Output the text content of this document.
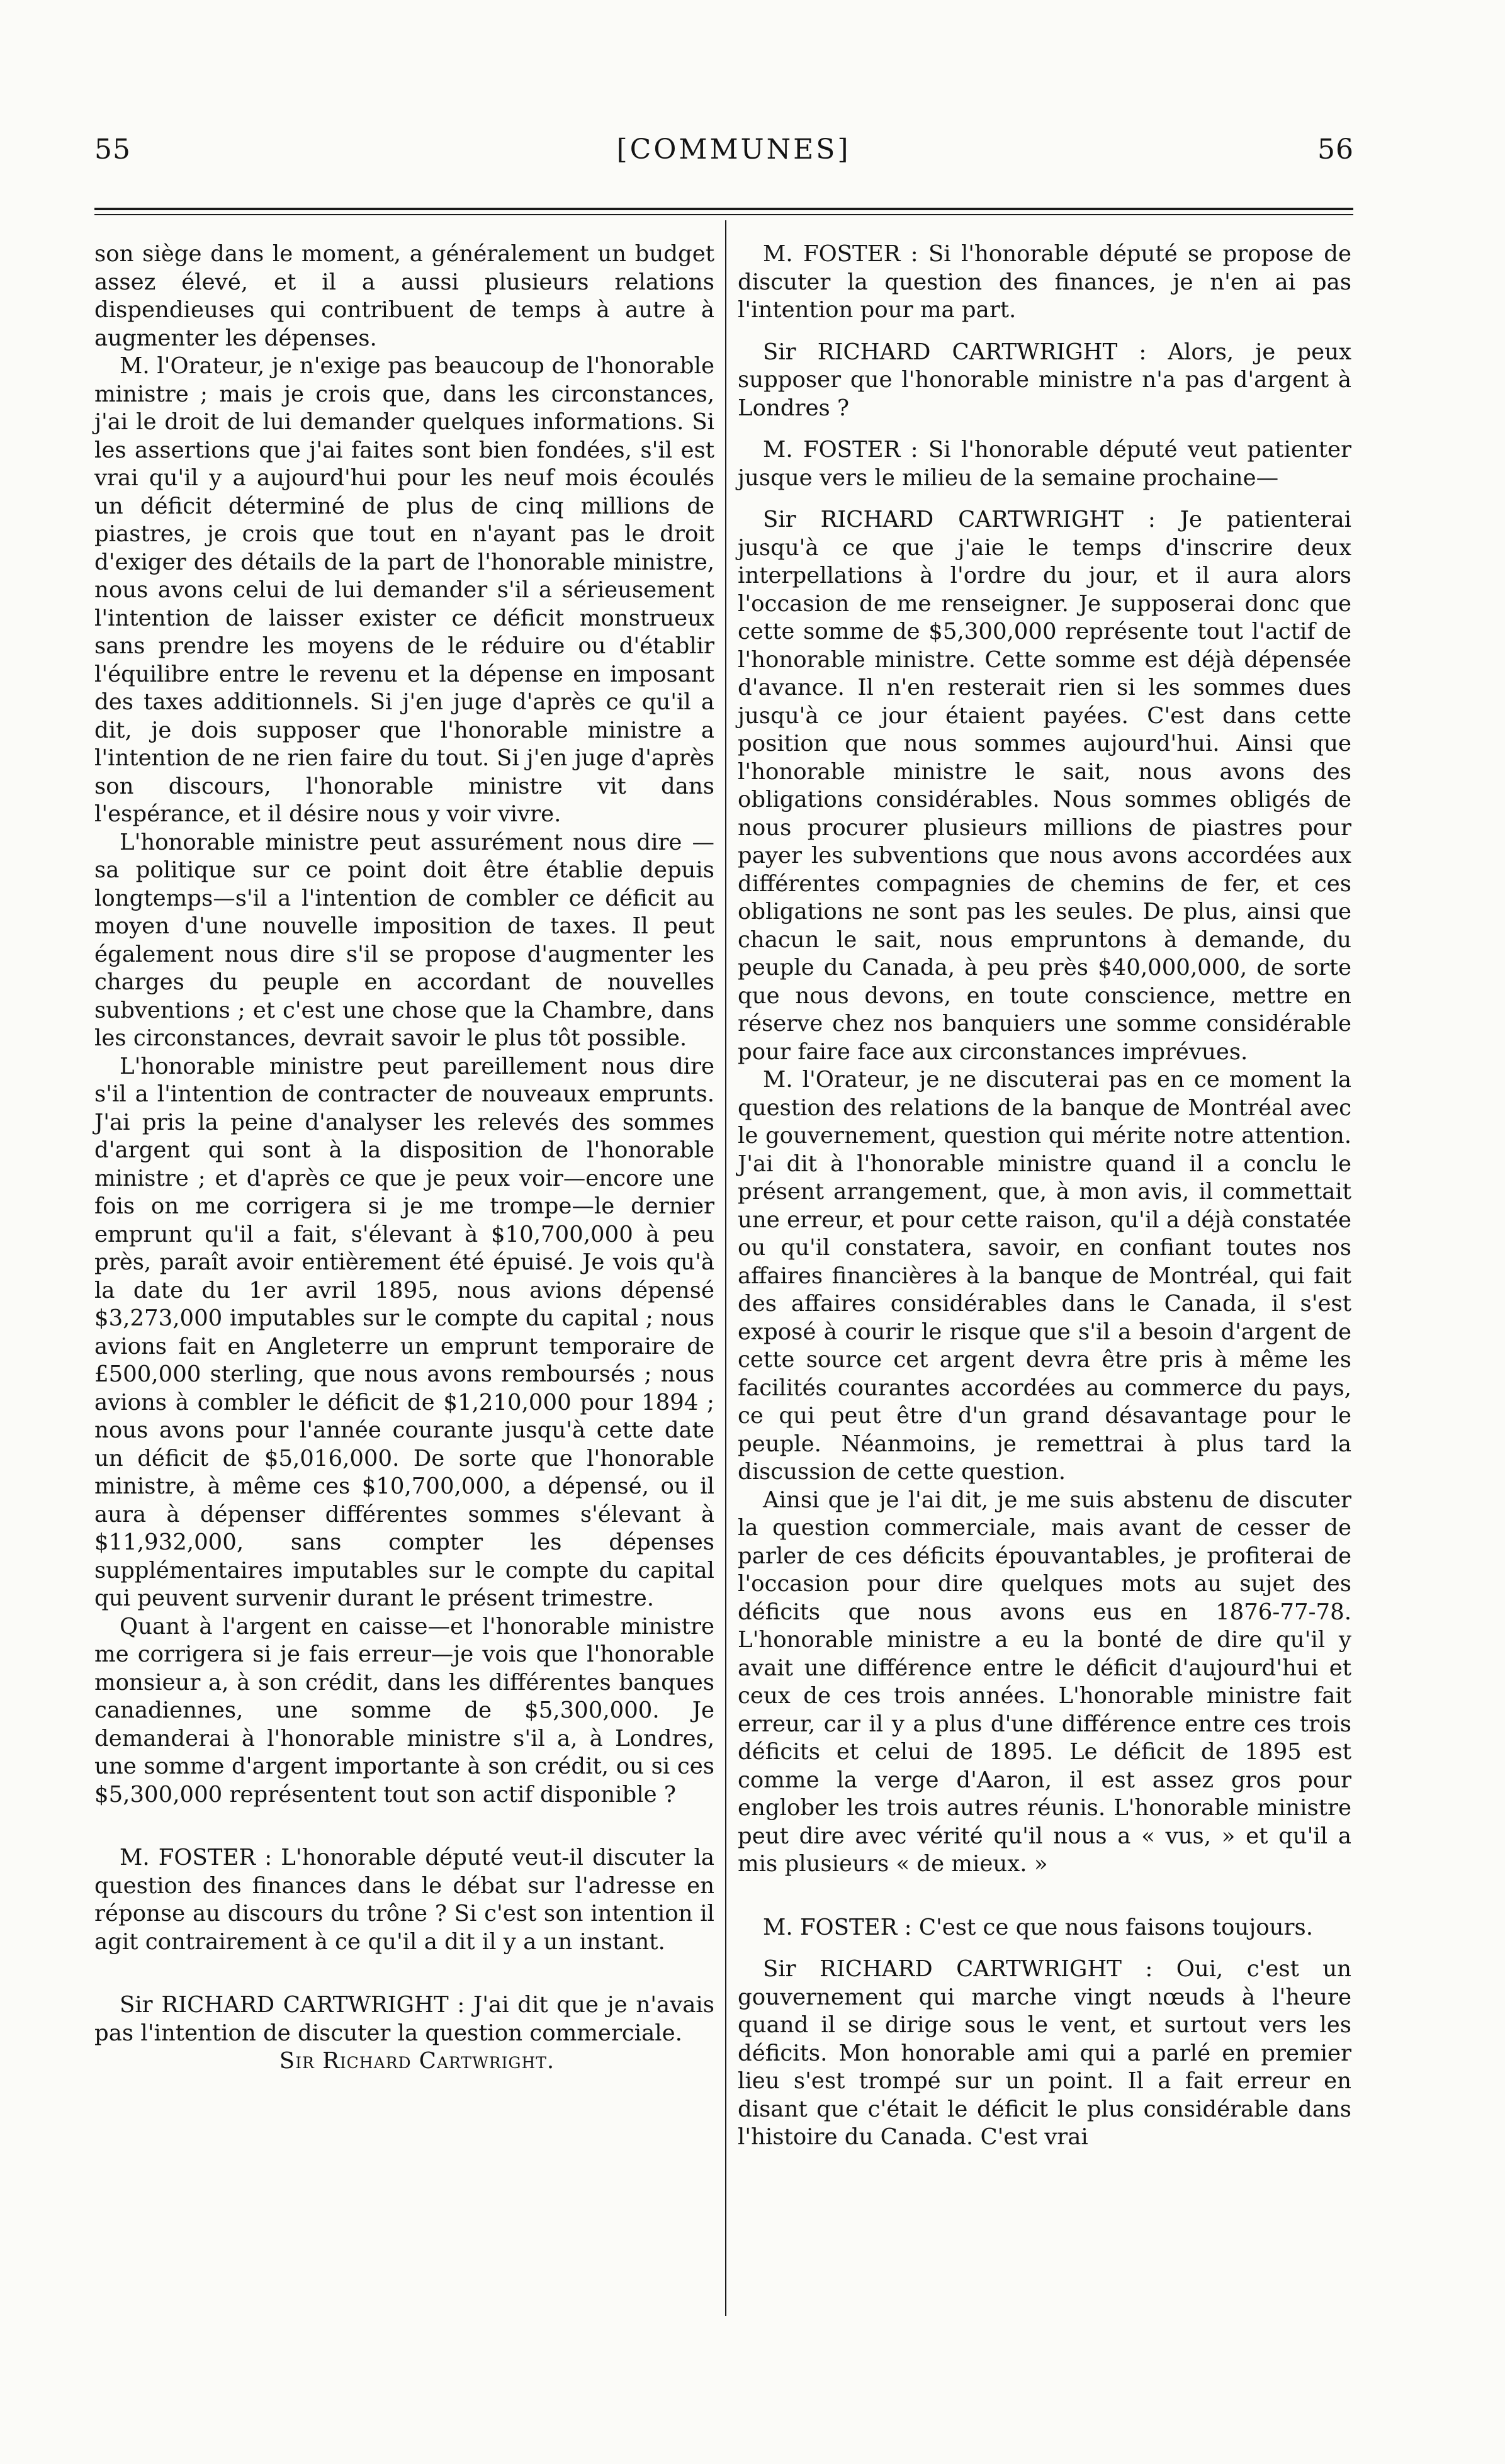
55	[COMMUNES]	56

son siège dans le moment, a généralement un budget assez élevé, et il a aussi plusieurs relations dispendieuses qui contribuent de temps à autre à augmenter les dépenses.

M. l'Orateur, je n'exige pas beaucoup de l'honorable ministre ; mais je crois que, dans les circonstances, j'ai le droit de lui demander quelques informations. Si les assertions que j'ai faites sont bien fondées, s'il est vrai qu'il y a aujourd'hui pour les neuf mois écoulés un déficit déterminé de plus de cinq millions de piastres, je crois que tout en n'ayant pas le droit d'exiger des détails de la part de l'honorable ministre, nous avons celui de lui demander s'il a sérieusement l'intention de laisser exister ce déficit monstrueux sans prendre les moyens de le réduire ou d'établir l'équilibre entre le revenu et la dépense en imposant des taxes additionnels. Si j'en juge d'après ce qu'il a dit, je dois supposer que l'honorable ministre a l'intention de ne rien faire du tout. Si j'en juge d'après son discours, l'honorable ministre vit dans l'espérance, et il désire nous y voir vivre.

L'honorable ministre peut assurément nous dire —sa politique sur ce point doit être établie depuis longtemps—s'il a l'intention de combler ce déficit au moyen d'une nouvelle imposition de taxes. Il peut également nous dire s'il se propose d'augmenter les charges du peuple en accordant de nouvelles subventions ; et c'est une chose que la Chambre, dans les circonstances, devrait savoir le plus tôt possible.

L'honorable ministre peut pareillement nous dire s'il a l'intention de contracter de nouveaux emprunts. J'ai pris la peine d'analyser les relevés des sommes d'argent qui sont à la disposition de l'honorable ministre ; et d'après ce que je peux voir—encore une fois on me corrigera si je me trompe—le dernier emprunt qu'il a fait, s'élevant à $10,700,000 à peu près, paraît avoir entièrement été épuisé. Je vois qu'à la date du 1er avril 1895, nous avions dépensé $3,273,000 imputables sur le compte du capital ; nous avions fait en Angleterre un emprunt temporaire de £500,000 sterling, que nous avons remboursés ; nous avions à combler le déficit de $1,210,000 pour 1894 ; nous avons pour l'année courante jusqu'à cette date un déficit de $5,016,000. De sorte que l'honorable ministre, à même ces $10,700,000, a dépensé, ou il aura à dépenser différentes sommes s'élevant à $11,932,000, sans compter les dépenses supplémentaires imputables sur le compte du capital qui peuvent survenir durant le présent trimestre.

Quant à l'argent en caisse—et l'honorable ministre me corrigera si je fais erreur—je vois que l'honorable monsieur a, à son crédit, dans les différentes banques canadiennes, une somme de $5,300,000. Je demanderai à l'honorable ministre s'il a, à Londres, une somme d'argent importante à son crédit, ou si ces $5,300,000 représentent tout son actif disponible ?

M. FOSTER : L'honorable député veut-il discuter la question des finances dans le débat sur l'adresse en réponse au discours du trône ? Si c'est son intention il agit contrairement à ce qu'il a dit il y a un instant.

Sir RICHARD CARTWRIGHT : J'ai dit que je n'avais pas l'intention de discuter la question commerciale.

Sir Richard Cartwright.

M. FOSTER : Si l'honorable député se propose de discuter la question des finances, je n'en ai pas l'intention pour ma part.

Sir RICHARD CARTWRIGHT : Alors, je peux supposer que l'honorable ministre n'a pas d'argent à Londres ?

M. FOSTER : Si l'honorable député veut patienter jusque vers le milieu de la semaine prochaine—

Sir RICHARD CARTWRIGHT : Je patienterai jusqu'à ce que j'aie le temps d'inscrire deux interpellations à l'ordre du jour, et il aura alors l'occasion de me renseigner. Je supposerai donc que cette somme de $5,300,000 représente tout l'actif de l'honorable ministre. Cette somme est déjà dépensée d'avance. Il n'en resterait rien si les sommes dues jusqu'à ce jour étaient payées. C'est dans cette position que nous sommes aujourd'hui. Ainsi que l'honorable ministre le sait, nous avons des obligations considérables. Nous sommes obligés de nous procurer plusieurs millions de piastres pour payer les subventions que nous avons accordées aux différentes compagnies de chemins de fer, et ces obligations ne sont pas les seules. De plus, ainsi que chacun le sait, nous empruntons à demande, du peuple du Canada, à peu près $40,000,000, de sorte que nous devons, en toute conscience, mettre en réserve chez nos banquiers une somme considérable pour faire face aux circonstances imprévues.

M. l'Orateur, je ne discuterai pas en ce moment la question des relations de la banque de Montréal avec le gouvernement, question qui mérite notre attention. J'ai dit à l'honorable ministre quand il a conclu le présent arrangement, que, à mon avis, il commettait une erreur, et pour cette raison, qu'il a déjà constatée ou qu'il constatera, savoir, en confiant toutes nos affaires financières à la banque de Montréal, qui fait des affaires considérables dans le Canada, il s'est exposé à courir le risque que s'il a besoin d'argent de cette source cet argent devra être pris à même les facilités courantes accordées au commerce du pays, ce qui peut être d'un grand désavantage pour le peuple. Néanmoins, je remettrai à plus tard la discussion de cette question.

Ainsi que je l'ai dit, je me suis abstenu de discuter la question commerciale, mais avant de cesser de parler de ces déficits épouvantables, je profiterai de l'occasion pour dire quelques mots au sujet des déficits que nous avons eus en 1876-77-78. L'honorable ministre a eu la bonté de dire qu'il y avait une différence entre le déficit d'aujourd'hui et ceux de ces trois années. L'honorable ministre fait erreur, car il y a plus d'une différence entre ces trois déficits et celui de 1895. Le déficit de 1895 est comme la verge d'Aaron, il est assez gros pour englober les trois autres réunis. L'honorable ministre peut dire avec vérité qu'il nous a « vus, » et qu'il a mis plusieurs « de mieux. »

M. FOSTER : C'est ce que nous faisons toujours.

Sir RICHARD CARTWRIGHT : Oui, c'est un gouvernement qui marche vingt nœuds à l'heure quand il se dirige sous le vent, et surtout vers les déficits. Mon honorable ami qui a parlé en premier lieu s'est trompé sur un point. Il a fait erreur en disant que c'était le déficit le plus considérable dans l'histoire du Canada. C'est vrai
